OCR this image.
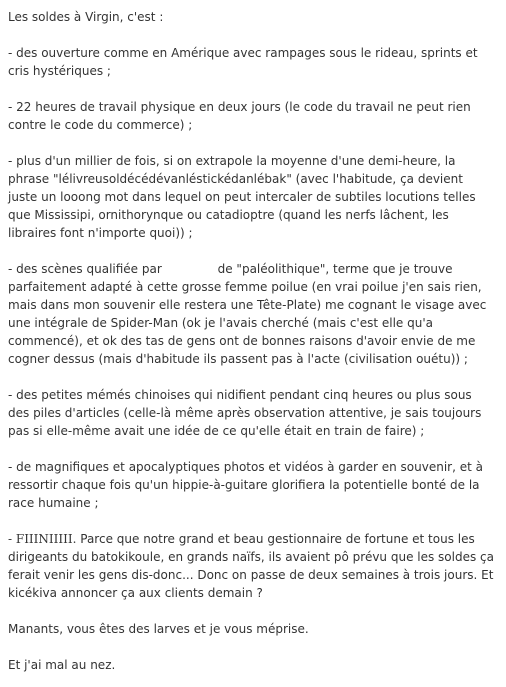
Les soldes à Virgin, c'est :

- des ouverture comme en Amérique avec rampages sous le rideau, sprints et cris hystériques ;

- 22 heures de travail physique en deux jours (le code du travail ne peut rien contre le code du commerce) ;

- plus d'un millier de fois, si on extrapole la moyenne d'une demi-heure, la phrase "lélivreusoldécédévanléstickédanlébak" (avec l'habitude, ça devient juste un looong mot dans lequel on peut intercaler de subtiles locutions telles que Mississipi, ornithorynque ou catadioptre (quand les nerfs lâchent, les libraires font n'importe quoi)) ;

- des scènes qualifiée par	de "paléolithique", terme que je trouve parfaitement adapté à cette grosse femme poilue (en vrai poilue j'en sais rien, mais dans mon souvenir elle restera une Tête-Plate) me cognant le visage avec une intégrale de Spider-Man (ok je l'avais cherché (mais c'est elle qu'a commencé), et ok des tas de gens ont de bonnes raisons d'avoir envie de me cogner dessus (mais d'habitude ils passent pas à l'acte (civilisation ouétu)) ;

- des petites mémés chinoises qui nidifient pendant cinq heures ou plus sous des piles d'articles (celle-là même après observation attentive, je sais toujours pas si elle-même avait une idée de ce qu'elle était en train de faire) ;

- de magnifiques et apocalyptiques photos et vidéos à garder en souvenir, et à ressortir chaque fois qu'un hippie-à-guitare glorifiera la potentielle bonté de la race humaine ;

- FIIINIIIII. Parce que notre grand et beau gestionnaire de fortune et tous les dirigeants du batokikoule, en grands naïfs, ils avaient pô prévu que les soldes ça ferait venir les gens dis-donc... Donc on passe de deux semaines à trois jours. Et kicékiva annoncer ça aux clients demain ?

Manants, vous êtes des larves et je vous méprise.

Et j'ai mal au nez.
